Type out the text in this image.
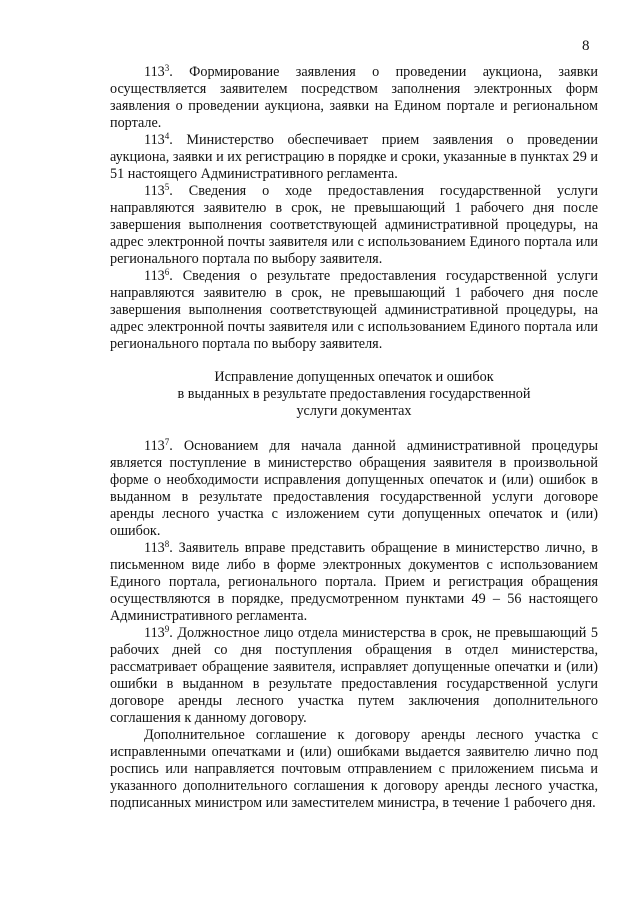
8

$113^3$. Формирование заявления о проведении аукциона, заявки осуществляется заявителем посредством заполнения электронных форм заявления о проведении аукциона, заявки на Едином портале и региональном портале.

$113^4$. Министерство обеспечивает прием заявления о проведении аукциона, заявки и их регистрацию в порядке и сроки, указанные в пунктах 29 и 51 настоящего Административного регламента.

$113^5$. Сведения о ходе предоставления государственной услуги направляются заявителю в срок, не превышающий 1 рабочего дня после завершения выполнения соответствующей административной процедуры, на адрес электронной почты заявителя или с использованием Единого портала или регионального портала по выбору заявителя.

$113^6$. Сведения о результате предоставления государственной услуги направляются заявителю в срок, не превышающий 1 рабочего дня после завершения выполнения соответствующей административной процедуры, на адрес электронной почты заявителя или с использованием Единого портала или регионального портала по выбору заявителя.

Исправление допущенных опечаток и ошибок
в выданных в результате предоставления государственной
услуги документах

$113^7$. Основанием для начала данной административной процедуры является поступление в министерство обращения заявителя в произвольной форме о необходимости исправления допущенных опечаток и (или) ошибок в выданном в результате предоставления государственной услуги договоре аренды лесного участка с изложением сути допущенных опечаток и (или) ошибок.

$113^8$. Заявитель вправе представить обращение в министерство лично, в письменном виде либо в форме электронных документов с использованием Единого портала, регионального портала. Прием и регистрация обращения осуществляются в порядке, предусмотренном пунктами 49 – 56 настоящего Административного регламента.

$113^9$. Должностное лицо отдела министерства в срок, не превышающий 5 рабочих дней со дня поступления обращения в отдел министерства, рассматривает обращение заявителя, исправляет допущенные опечатки и (или) ошибки в выданном в результате предоставления государственной услуги договоре аренды лесного участка путем заключения дополнительного соглашения к данному договору.

Дополнительное соглашение к договору аренды лесного участка с исправленными опечатками и (или) ошибками выдается заявителю лично под роспись или направляется почтовым отправлением с приложением письма и указанного дополнительного соглашения к договору аренды лесного участка, подписанных министром или заместителем министра, в течение 1 рабочего дня.
